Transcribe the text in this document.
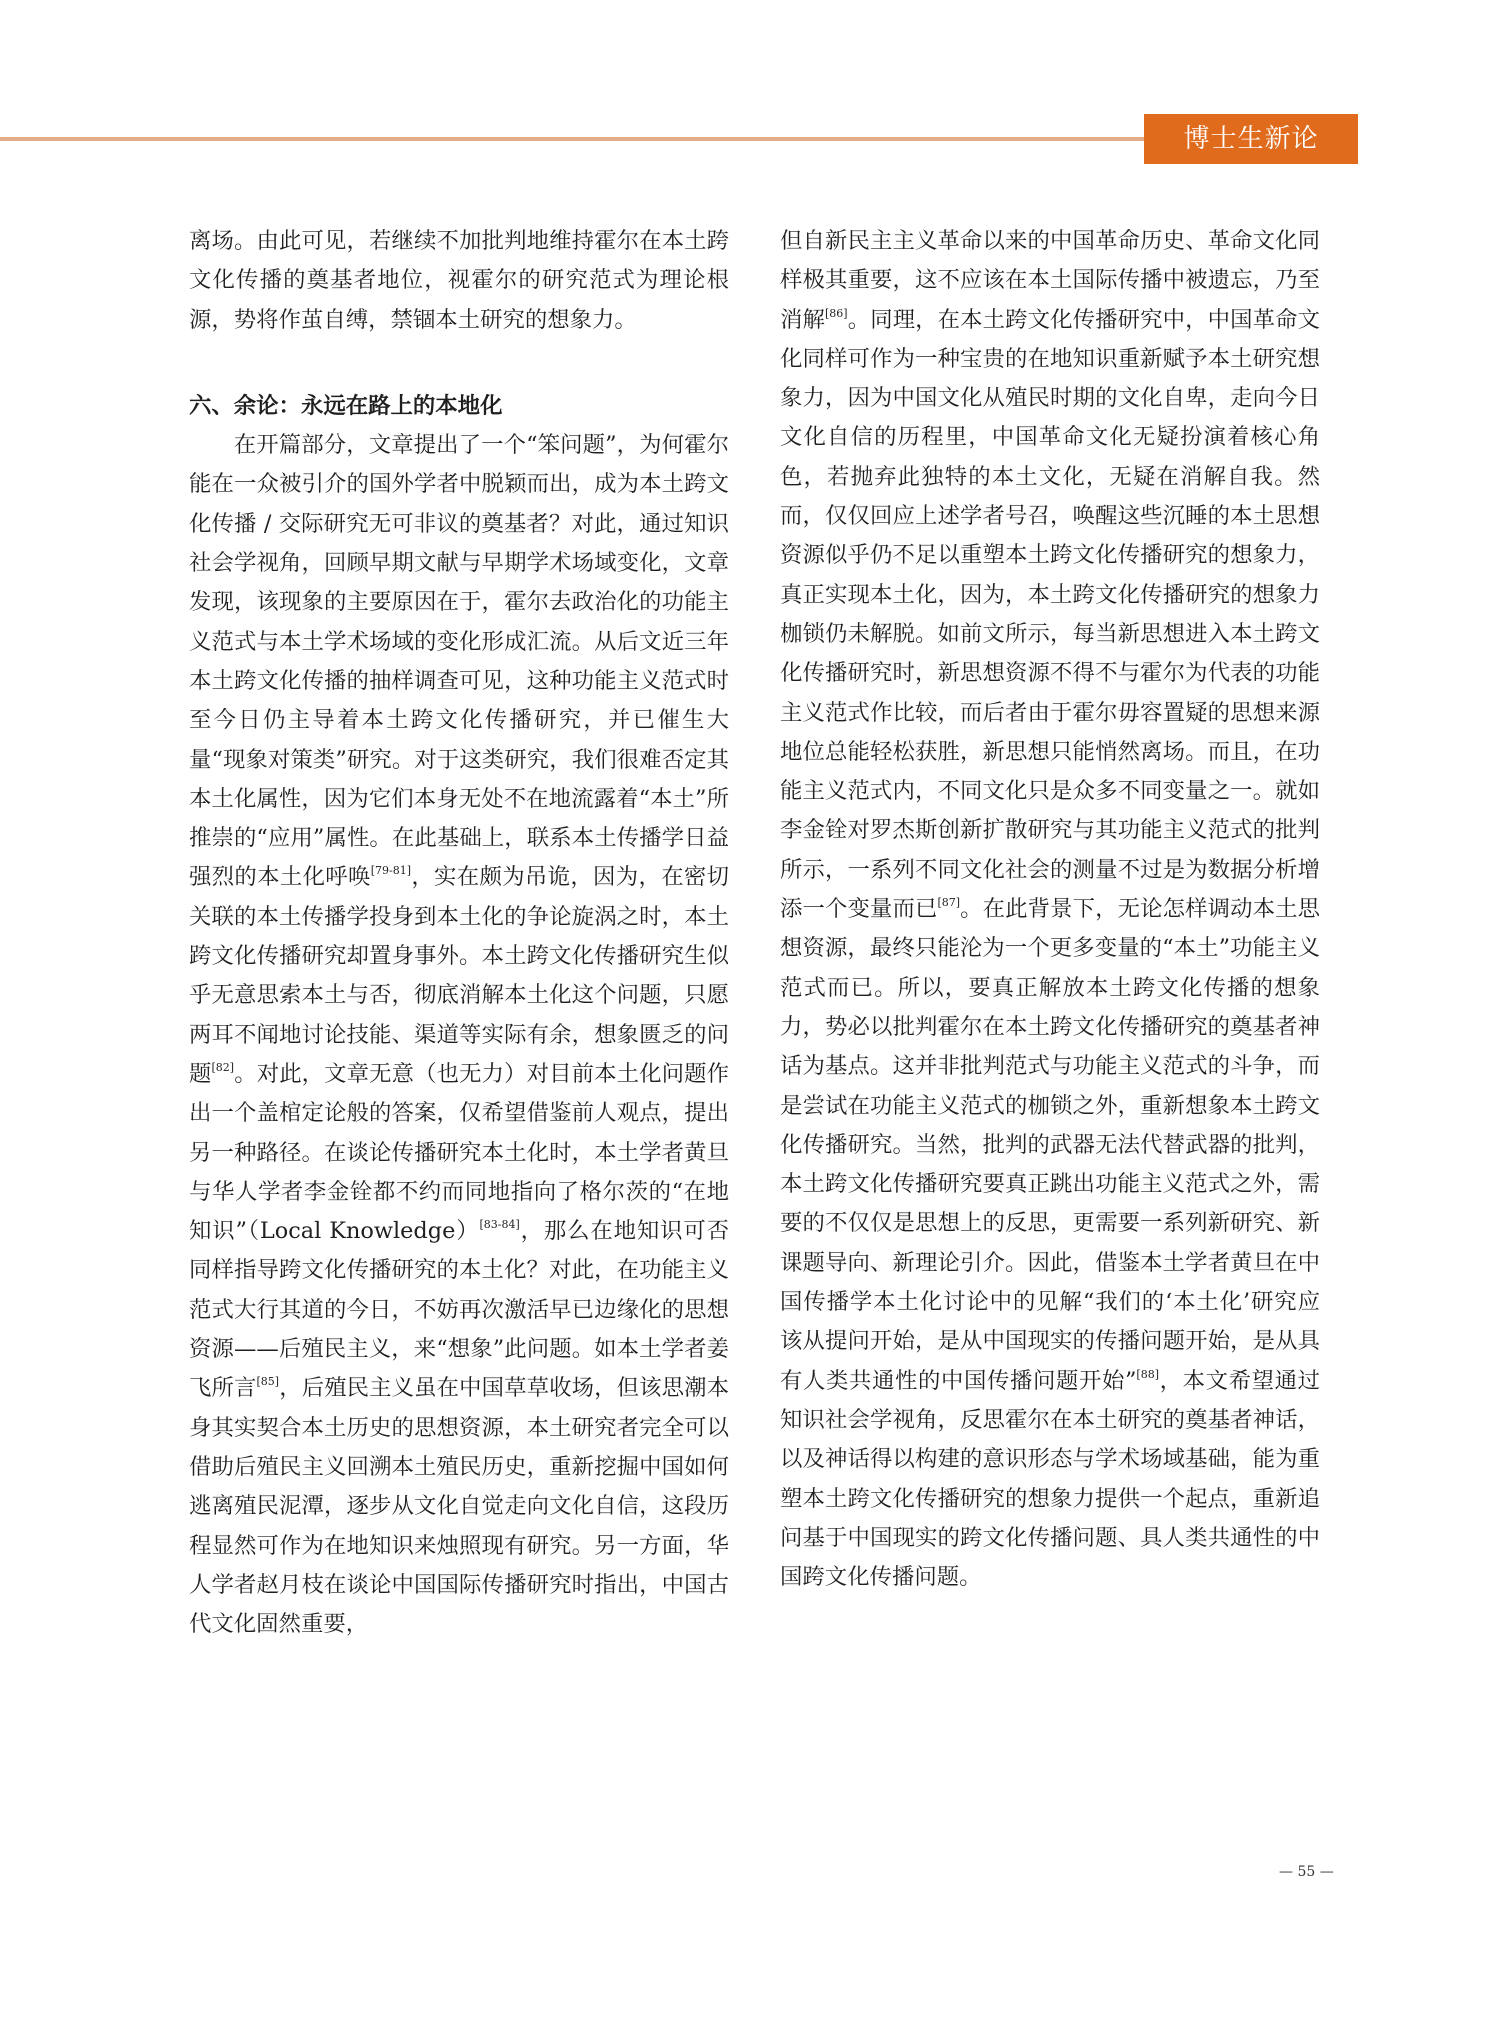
博士生新论

离场。由此可见，若继续不加批判地维持霍尔在本土跨文化传播的奠基者地位，视霍尔的研究范式为理论根源，势将作茧自缚，禁锢本土研究的想象力。

六、余论：永远在路上的本地化

在开篇部分，文章提出了一个“笨问题”，为何霍尔能在一众被引介的国外学者中脱颖而出，成为本土跨文化传播 / 交际研究无可非议的奠基者？对此，通过知识社会学视角，回顾早期文献与早期学术场域变化，文章发现，该现象的主要原因在于，霍尔去政治化的功能主义范式与本土学术场域的变化形成汇流。从后文近三年本土跨文化传播的抽样调查可见，这种功能主义范式时至今日仍主导着本土跨文化传播研究，并已催生大量“现象对策类”研究。对于这类研究，我们很难否定其本土化属性，因为它们本身无处不在地流露着“本土”所推崇的“应用”属性。在此基础上，联系本土传播学日益强烈的本土化呼唤[79-81]，实在颇为吊诡，因为，在密切关联的本土传播学投身到本土化的争论旋涡之时，本土跨文化传播研究却置身事外。本土跨文化传播研究生似乎无意思索本土与否，彻底消解本土化这个问题，只愿两耳不闻地讨论技能、渠道等实际有余，想象匮乏的问题[82]。对此，文章无意（也无力）对目前本土化问题作出一个盖棺定论般的答案，仅希望借鉴前人观点，提出另一种路径。在谈论传播研究本土化时，本土学者黄旦与华人学者李金铨都不约而同地指向了格尔茨的“在地知识”（Local Knowledge）[83-84]，那么在地知识可否同样指导跨文化传播研究的本土化？对此，在功能主义范式大行其道的今日，不妨再次激活早已边缘化的思想资源——后殖民主义，来“想象”此问题。如本土学者姜飞所言[85]，后殖民主义虽在中国草草收场，但该思潮本身其实契合本土历史的思想资源，本土研究者完全可以借助后殖民主义回溯本土殖民历史，重新挖掘中国如何逃离殖民泥潭，逐步从文化自觉走向文化自信，这段历程显然可作为在地知识来烛照现有研究。另一方面，华人学者赵月枝在谈论中国国际传播研究时指出，中国古代文化固然重要，

但自新民主主义革命以来的中国革命历史、革命文化同样极其重要，这不应该在本土国际传播中被遗忘，乃至消解[86]。同理，在本土跨文化传播研究中，中国革命文化同样可作为一种宝贵的在地知识重新赋予本土研究想象力，因为中国文化从殖民时期的文化自卑，走向今日文化自信的历程里，中国革命文化无疑扮演着核心角色，若抛弃此独特的本土文化，无疑在消解自我。然而，仅仅回应上述学者号召，唤醒这些沉睡的本土思想资源似乎仍不足以重塑本土跨文化传播研究的想象力，真正实现本土化，因为，本土跨文化传播研究的想象力枷锁仍未解脱。如前文所示，每当新思想进入本土跨文化传播研究时，新思想资源不得不与霍尔为代表的功能主义范式作比较，而后者由于霍尔毋容置疑的思想来源地位总能轻松获胜，新思想只能悄然离场。而且，在功能主义范式内，不同文化只是众多不同变量之一。就如李金铨对罗杰斯创新扩散研究与其功能主义范式的批判所示，一系列不同文化社会的测量不过是为数据分析增添一个变量而已[87]。在此背景下，无论怎样调动本土思想资源，最终只能沦为一个更多变量的“本土”功能主义范式而已。所以，要真正解放本土跨文化传播的想象力，势必以批判霍尔在本土跨文化传播研究的奠基者神话为基点。这并非批判范式与功能主义范式的斗争，而是尝试在功能主义范式的枷锁之外，重新想象本土跨文化传播研究。当然，批判的武器无法代替武器的批判，本土跨文化传播研究要真正跳出功能主义范式之外，需要的不仅仅是思想上的反思，更需要一系列新研究、新课题导向、新理论引介。因此，借鉴本土学者黄旦在中国传播学本土化讨论中的见解“我们的‘本土化’研究应该从提问开始，是从中国现实的传播问题开始，是从具有人类共通性的中国传播问题开始”[88]，本文希望通过知识社会学视角，反思霍尔在本土研究的奠基者神话，以及神话得以构建的意识形态与学术场域基础，能为重塑本土跨文化传播研究的想象力提供一个起点，重新追问基于中国现实的跨文化传播问题、具人类共通性的中国跨文化传播问题。

— 55 —
